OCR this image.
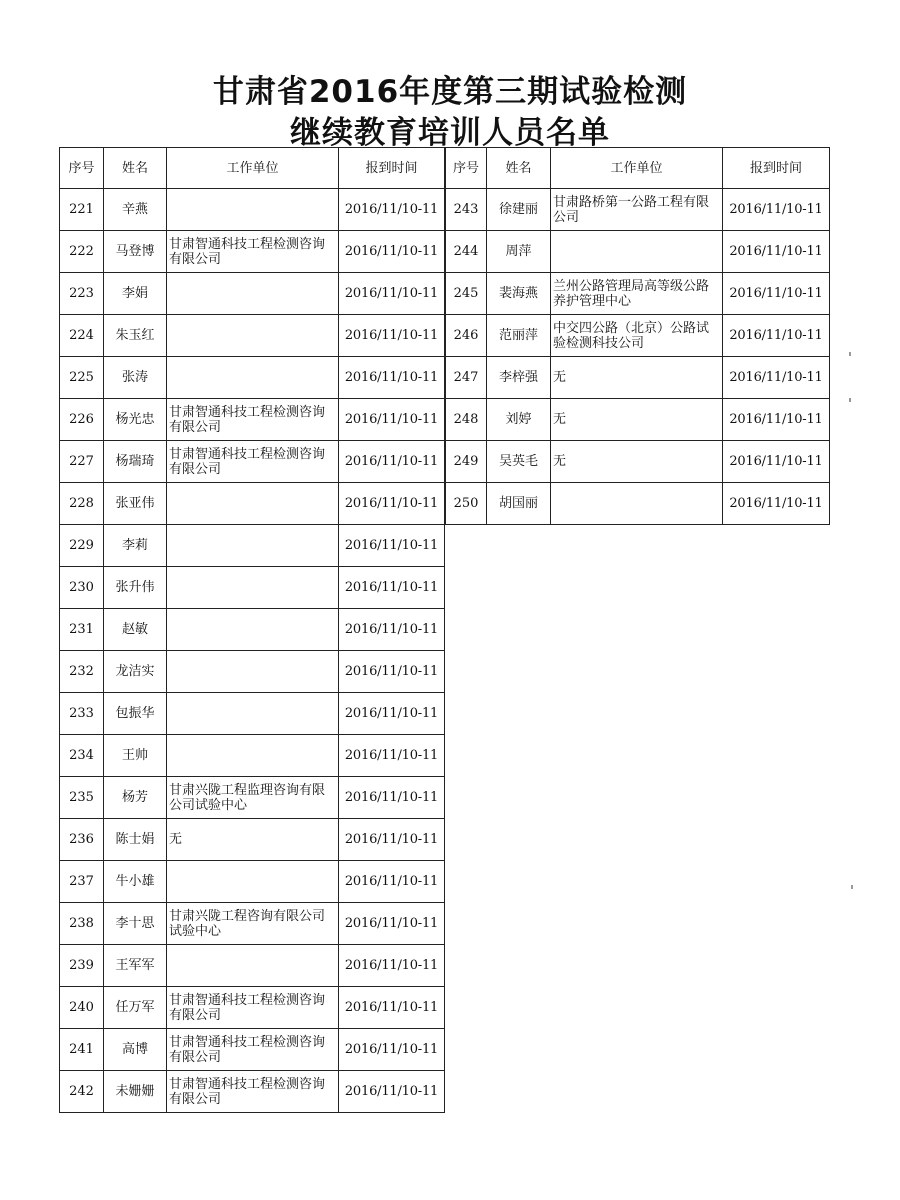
甘肃省2016年度第三期试验检测
继续教育培训人员名单
序号	姓名	工作单位	报到时间
221	辛燕		2016/11/10-11
222	马登博	甘肃智通科技工程检测咨询有限公司	2016/11/10-11
223	李娟		2016/11/10-11
224	朱玉红		2016/11/10-11
225	张涛		2016/11/10-11
226	杨光忠	甘肃智通科技工程检测咨询有限公司	2016/11/10-11
227	杨瑞琦	甘肃智通科技工程检测咨询有限公司	2016/11/10-11
228	张亚伟		2016/11/10-11
229	李莉		2016/11/10-11
230	张升伟		2016/11/10-11
231	赵敏		2016/11/10-11
232	龙洁实		2016/11/10-11
233	包振华		2016/11/10-11
234	王帅		2016/11/10-11
235	杨芳	甘肃兴陇工程监理咨询有限公司试验中心	2016/11/10-11
236	陈士娟	无	2016/11/10-11
237	牛小雄		2016/11/10-11
238	李十思	甘肃兴陇工程咨询有限公司试验中心	2016/11/10-11
239	王军军		2016/11/10-11
240	任万军	甘肃智通科技工程检测咨询有限公司	2016/11/10-11
241	高博	甘肃智通科技工程检测咨询有限公司	2016/11/10-11
242	未姗姗	甘肃智通科技工程检测咨询有限公司	2016/11/10-11
序号	姓名	工作单位	报到时间
243	徐建丽	甘肃路桥第一公路工程有限公司	2016/11/10-11
244	周萍		2016/11/10-11
245	裴海燕	兰州公路管理局高等级公路养护管理中心	2016/11/10-11
246	范丽萍	中交四公路（北京）公路试验检测科技公司	2016/11/10-11
247	李梓强	无	2016/11/10-11
248	刘婷	无	2016/11/10-11
249	吴英毛	无	2016/11/10-11
250	胡国丽		2016/11/10-11
